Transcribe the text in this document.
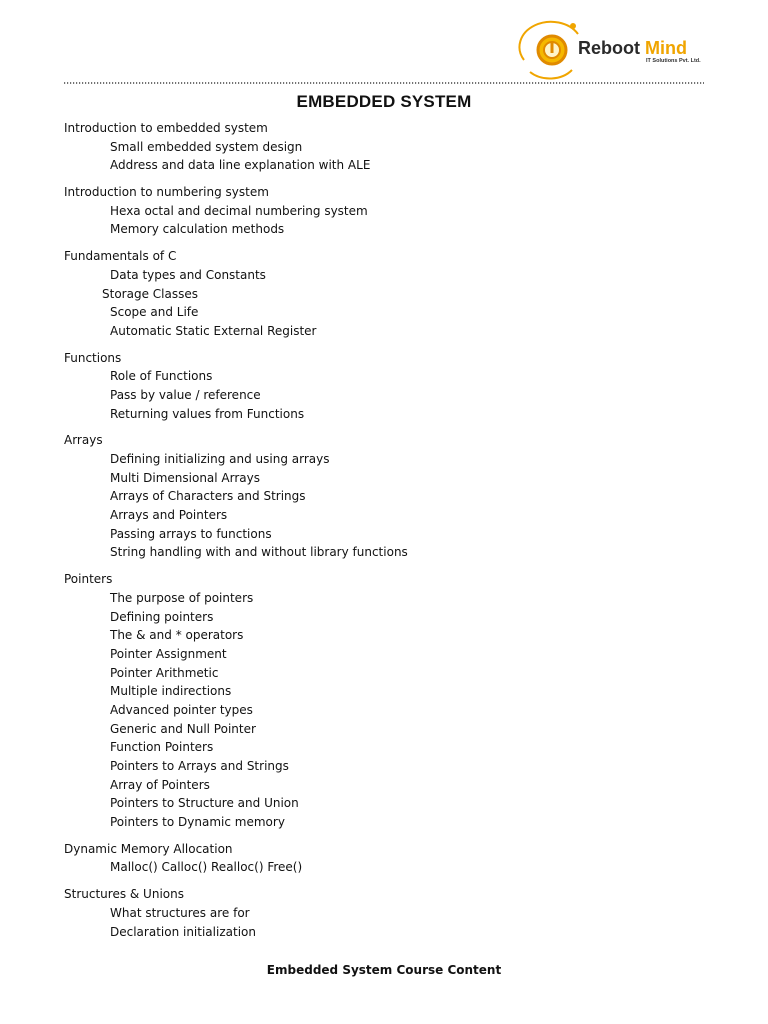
Reboot Mind
IT Solutions Pvt. Ltd.
EMBEDDED SYSTEM
Introduction to embedded system
Small embedded system design
Address and data line explanation with ALE
Introduction to numbering system
Hexa octal and decimal numbering system
Memory calculation methods
Fundamentals of C
Data types and Constants
Storage Classes
Scope and Life
Automatic Static External Register
Functions
Role of Functions
Pass by value / reference
Returning values from Functions
Arrays
Defining initializing and using arrays
Multi Dimensional Arrays
Arrays of Characters and Strings
Arrays and Pointers
Passing arrays to functions
String handling with and without library functions
Pointers
The purpose of pointers
Defining pointers
The & and * operators
Pointer Assignment
Pointer Arithmetic
Multiple indirections
Advanced pointer types
Generic and Null Pointer
Function Pointers
Pointers to Arrays and Strings
Array of Pointers
Pointers to Structure and Union
Pointers to Dynamic memory
Dynamic Memory Allocation
Malloc() Calloc() Realloc() Free()
Structures & Unions
What structures are for
Declaration initialization
Embedded System Course Content
